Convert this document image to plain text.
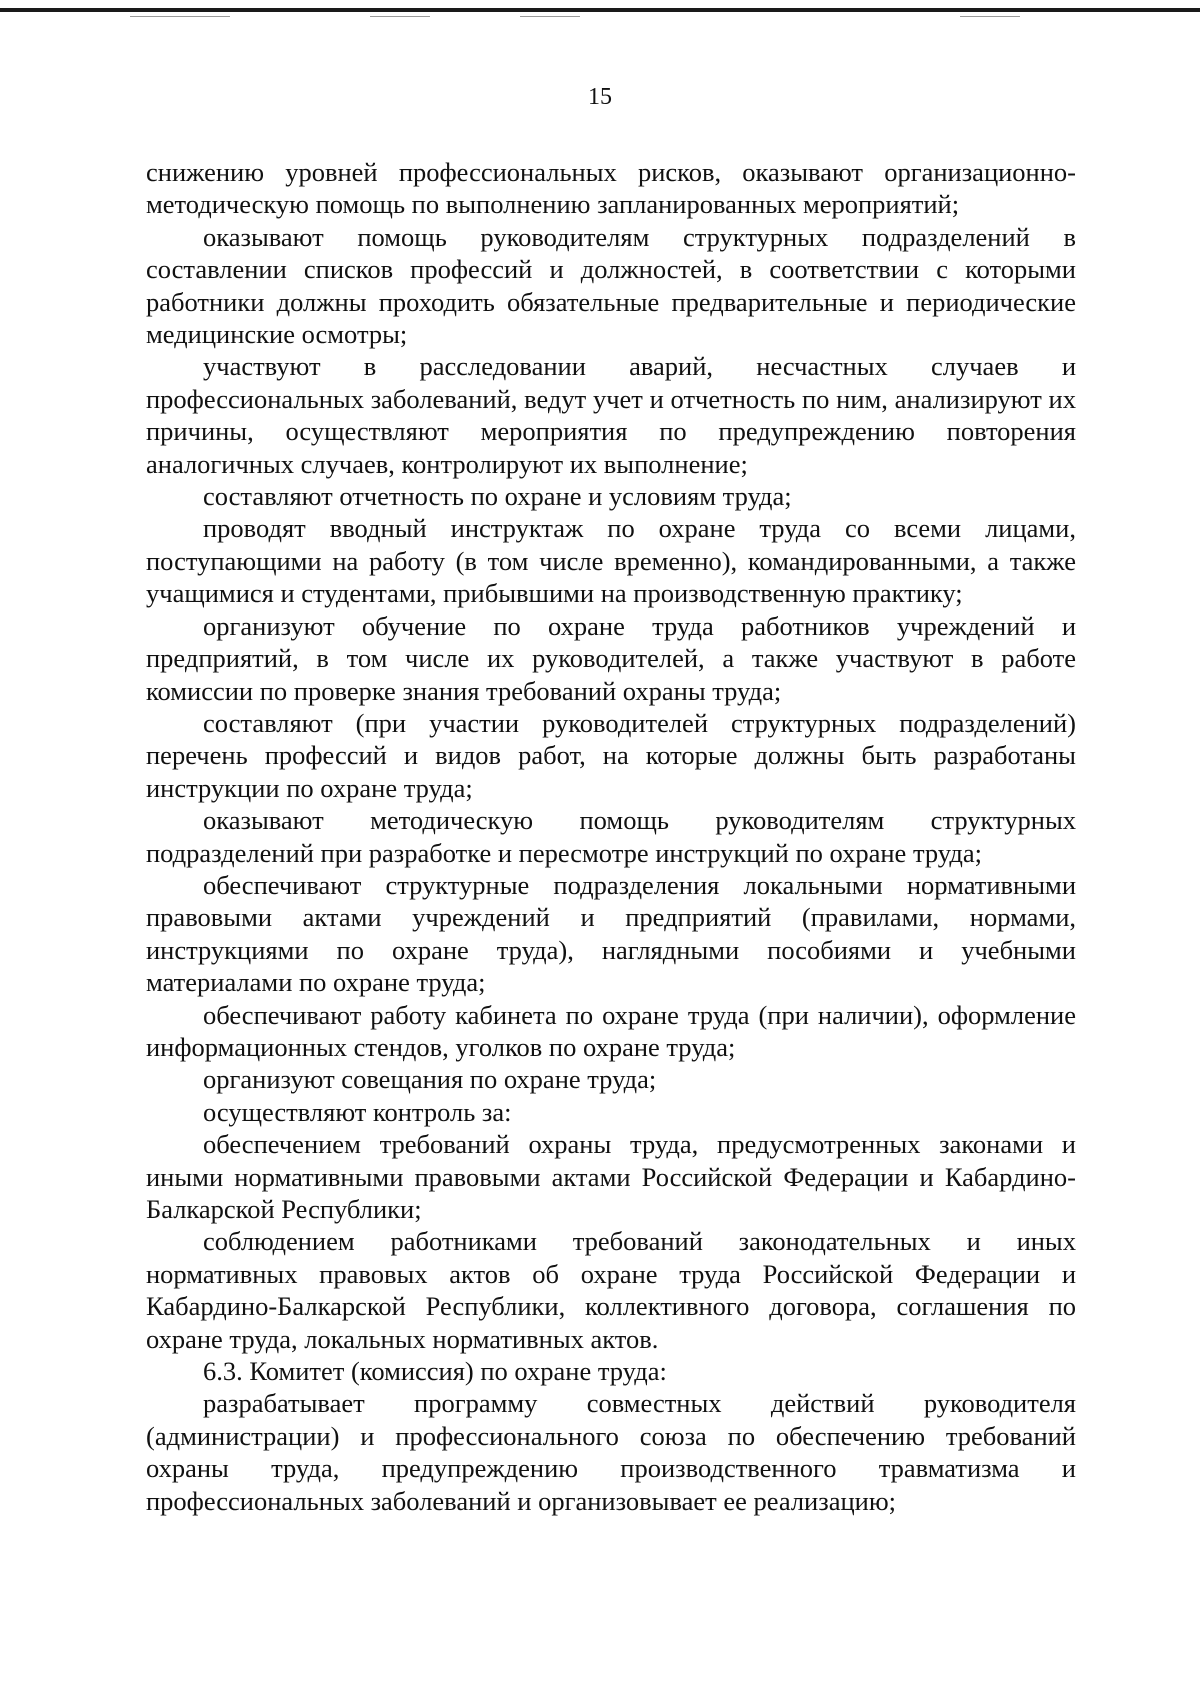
15

снижению уровней профессиональных рисков, оказывают организационно-методическую помощь по выполнению запланированных мероприятий;

оказывают помощь руководителям структурных подразделений в составлении списков профессий и должностей, в соответствии с которыми работники должны проходить обязательные предварительные и периодические медицинские осмотры;

участвуют в расследовании аварий, несчастных случаев и профессиональных заболеваний, ведут учет и отчетность по ним, анализируют их причины, осуществляют мероприятия по предупреждению повторения аналогичных случаев, контролируют их выполнение;

составляют отчетность по охране и условиям труда;

проводят вводный инструктаж по охране труда со всеми лицами, поступающими на работу (в том числе временно), командированными, а также учащимися и студентами, прибывшими на производственную практику;

организуют обучение по охране труда работников учреждений и предприятий, в том числе их руководителей, а также участвуют в работе комиссии по проверке знания требований охраны труда;

составляют (при участии руководителей структурных подразделений) перечень профессий и видов работ, на которые должны быть разработаны инструкции по охране труда;

оказывают методическую помощь руководителям структурных подразделений при разработке и пересмотре инструкций по охране труда;

обеспечивают структурные подразделения локальными нормативными правовыми актами учреждений и предприятий (правилами, нормами, инструкциями по охране труда), наглядными пособиями и учебными материалами по охране труда;

обеспечивают работу кабинета по охране труда (при наличии), оформление информационных стендов, уголков по охране труда;

организуют совещания по охране труда;

осуществляют контроль за:

обеспечением требований охраны труда, предусмотренных законами и иными нормативными правовыми актами Российской Федерации и Кабардино-Балкарской Республики;

соблюдением работниками требований законодательных и иных нормативных правовых актов об охране труда Российской Федерации и Кабардино-Балкарской Республики, коллективного договора, соглашения по охране труда, локальных нормативных актов.

6.3. Комитет (комиссия) по охране труда:

разрабатывает программу совместных действий руководителя (администрации) и профессионального союза по обеспечению требований охраны труда, предупреждению производственного травматизма и профессиональных заболеваний и организовывает ее реализацию;
